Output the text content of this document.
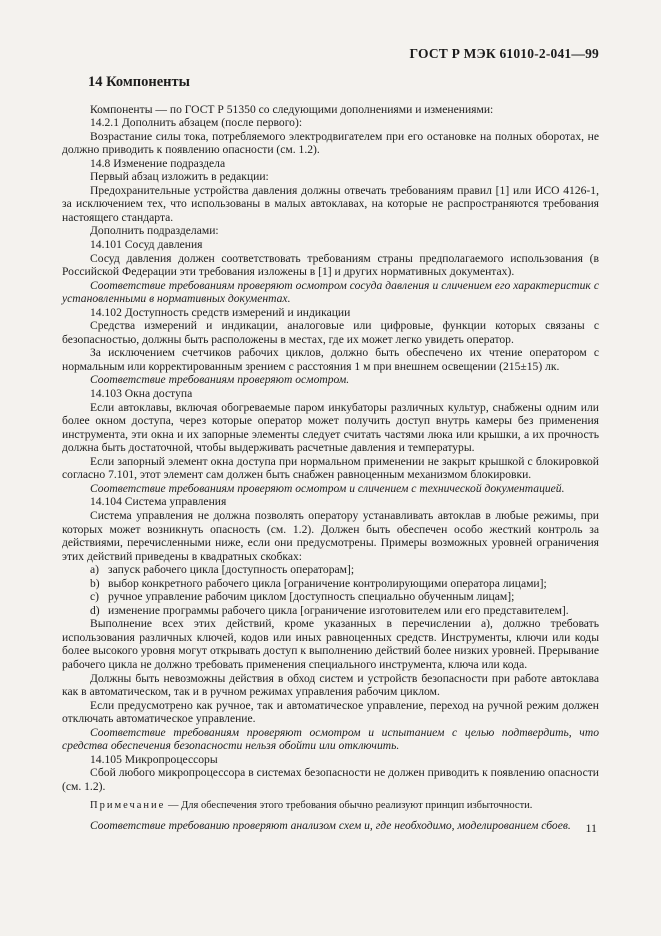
ГОСТ Р МЭК 61010-2-041—99
14 Компоненты

Компоненты — по ГОСТ Р 51350 со следующими дополнениями и изменениями:

14.2.1 Дополнить абзацем (после первого):

Возрастание силы тока, потребляемого электродвигателем при его остановке на полных оборотах, не должно приводить к появлению опасности (см. 1.2).

14.8 Изменение подраздела

Первый абзац изложить в редакции:

Предохранительные устройства давления должны отвечать требованиям правил [1] или ИСО 4126-1, за исключением тех, что использованы в малых автоклавах, на которые не распространяются требования настоящего стандарта.

Дополнить подразделами:

14.101 Сосуд давления

Сосуд давления должен соответствовать требованиям страны предполагаемого использования (в Российской Федерации эти требования изложены в [1] и других нормативных документах).

Соответствие требованиям проверяют осмотром сосуда давления и сличением его характеристик с установленными в нормативных документах.

14.102 Доступность средств измерений и индикации

Средства измерений и индикации, аналоговые или цифровые, функции которых связаны с безопасностью, должны быть расположены в местах, где их может легко увидеть оператор.

За исключением счетчиков рабочих циклов, должно быть обеспечено их чтение оператором с нормальным или корректированным зрением с расстояния 1 м при внешнем освещении (215±15) лк.

Соответствие требованиям проверяют осмотром.

14.103 Окна доступа

Если автоклавы, включая обогреваемые паром инкубаторы различных культур, снабжены одним или более окном доступа, через которые оператор может получить доступ внутрь камеры без применения инструмента, эти окна и их запорные элементы следует считать частями люка или крышки, а их прочность должна быть достаточной, чтобы выдерживать расчетные давления и температуры.

Если запорный элемент окна доступа при нормальном применении не закрыт крышкой с блокировкой согласно 7.101, этот элемент сам должен быть снабжен равноценным механизмом блокировки.

Соответствие требованиям проверяют осмотром и сличением с технической документацией.

14.104 Система управления

Система управления не должна позволять оператору устанавливать автоклав в любые режимы, при которых может возникнуть опасность (см. 1.2). Должен быть обеспечен особо жесткий контроль за действиями, перечисленными ниже, если они предусмотрены. Примеры возможных уровней ограничения этих действий приведены в квадратных скобках:

a) запуск рабочего цикла [доступность операторам];
b) выбор конкретного рабочего цикла [ограничение контролирующими оператора лицами];
c) ручное управление рабочим циклом [доступность специально обученным лицам];
d) изменение программы рабочего цикла [ограничение изготовителем или его представителем].

Выполнение всех этих действий, кроме указанных в перечислении а), должно требовать использования различных ключей, кодов или иных равноценных средств. Инструменты, ключи или коды более высокого уровня могут открывать доступ к выполнению действий более низких уровней. Прерывание рабочего цикла не должно требовать применения специального инструмента, ключа или кода.

Должны быть невозможны действия в обход систем и устройств безопасности при работе автоклава как в автоматическом, так и в ручном режимах управления рабочим циклом.

Если предусмотрено как ручное, так и автоматическое управление, переход на ручной режим должен отключать автоматическое управление.

Соответствие требованиям проверяют осмотром и испытанием с целью подтвердить, что средства обеспечения безопасности нельзя обойти или отключить.

14.105 Микропроцессоры

Сбой любого микропроцессора в системах безопасности не должен приводить к появлению опасности (см. 1.2).

Примечание — Для обеспечения этого требования обычно реализуют принцип избыточности.

Соответствие требованию проверяют анализом схем и, где необходимо, моделированием сбоев.	11
